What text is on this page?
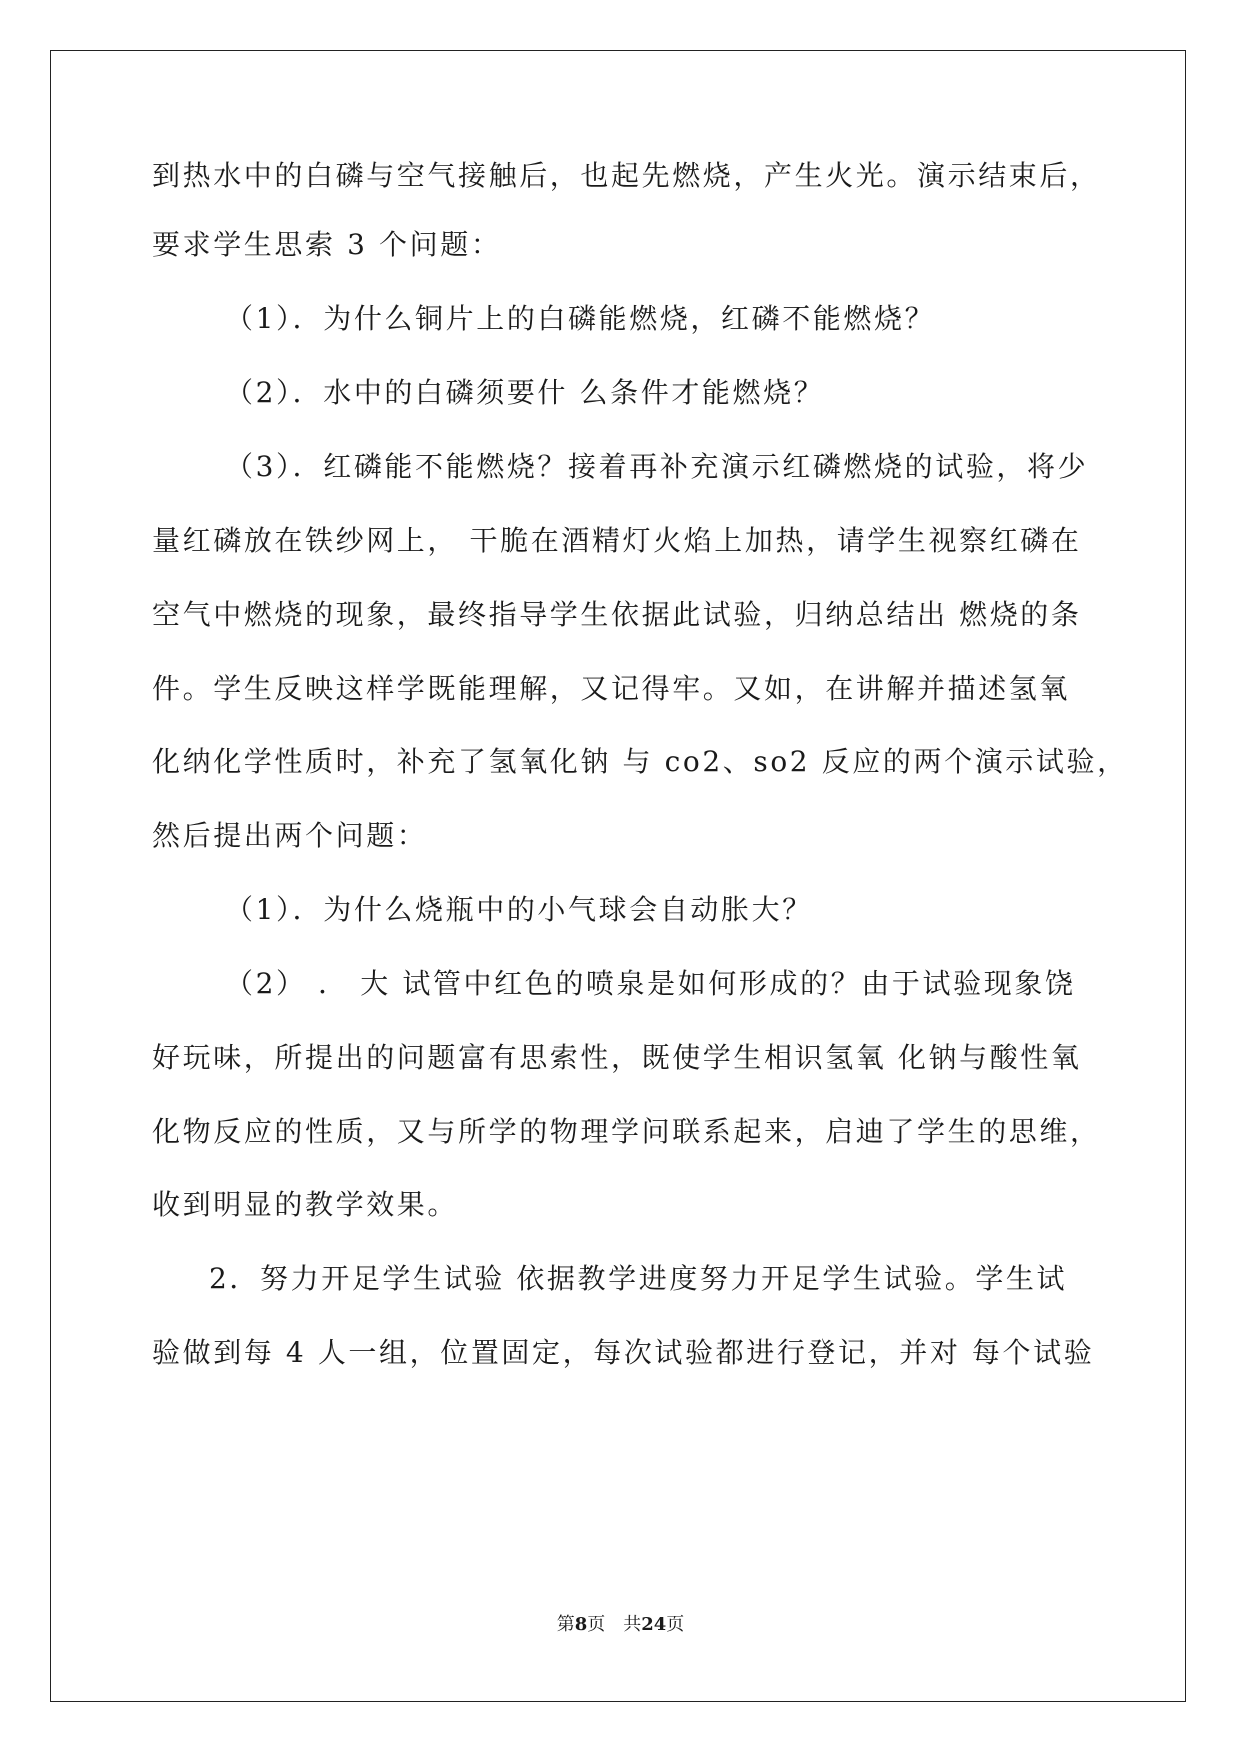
到热水中的白磷与空气接触后，也起先燃烧，产生火光。演示结束后，
要求学生思索 3 个问题：
（1）．为什么铜片上的白磷能燃烧，红磷不能燃烧？
（2）．水中的白磷须要什 么条件才能燃烧？
（3）．红磷能不能燃烧？接着再补充演示红磷燃烧的试验，将少
量红磷放在铁纱网上， 干脆在酒精灯火焰上加热，请学生视察红磷在
空气中燃烧的现象，最终指导学生依据此试验，归纳总结出 燃烧的条
件。学生反映这样学既能理解，又记得牢。又如，在讲解并描述氢氧
化纳化学性质时，补充了氢氧化钠 与 co2、so2 反应的两个演示试验，
然后提出两个问题：
（1）．为什么烧瓶中的小气球会自动胀大？
（2） ． 大 试管中红色的喷泉是如何形成的？由于试验现象饶
好玩味，所提出的问题富有思索性，既使学生相识氢氧 化钠与酸性氧
化物反应的性质，又与所学的物理学问联系起来，启迪了学生的思维，
收到明显的教学效果。
2．努力开足学生试验 依据教学进度努力开足学生试验。学生试
验做到每 4 人一组，位置固定，每次试验都进行登记，并对 每个试验
第8页　共24页
